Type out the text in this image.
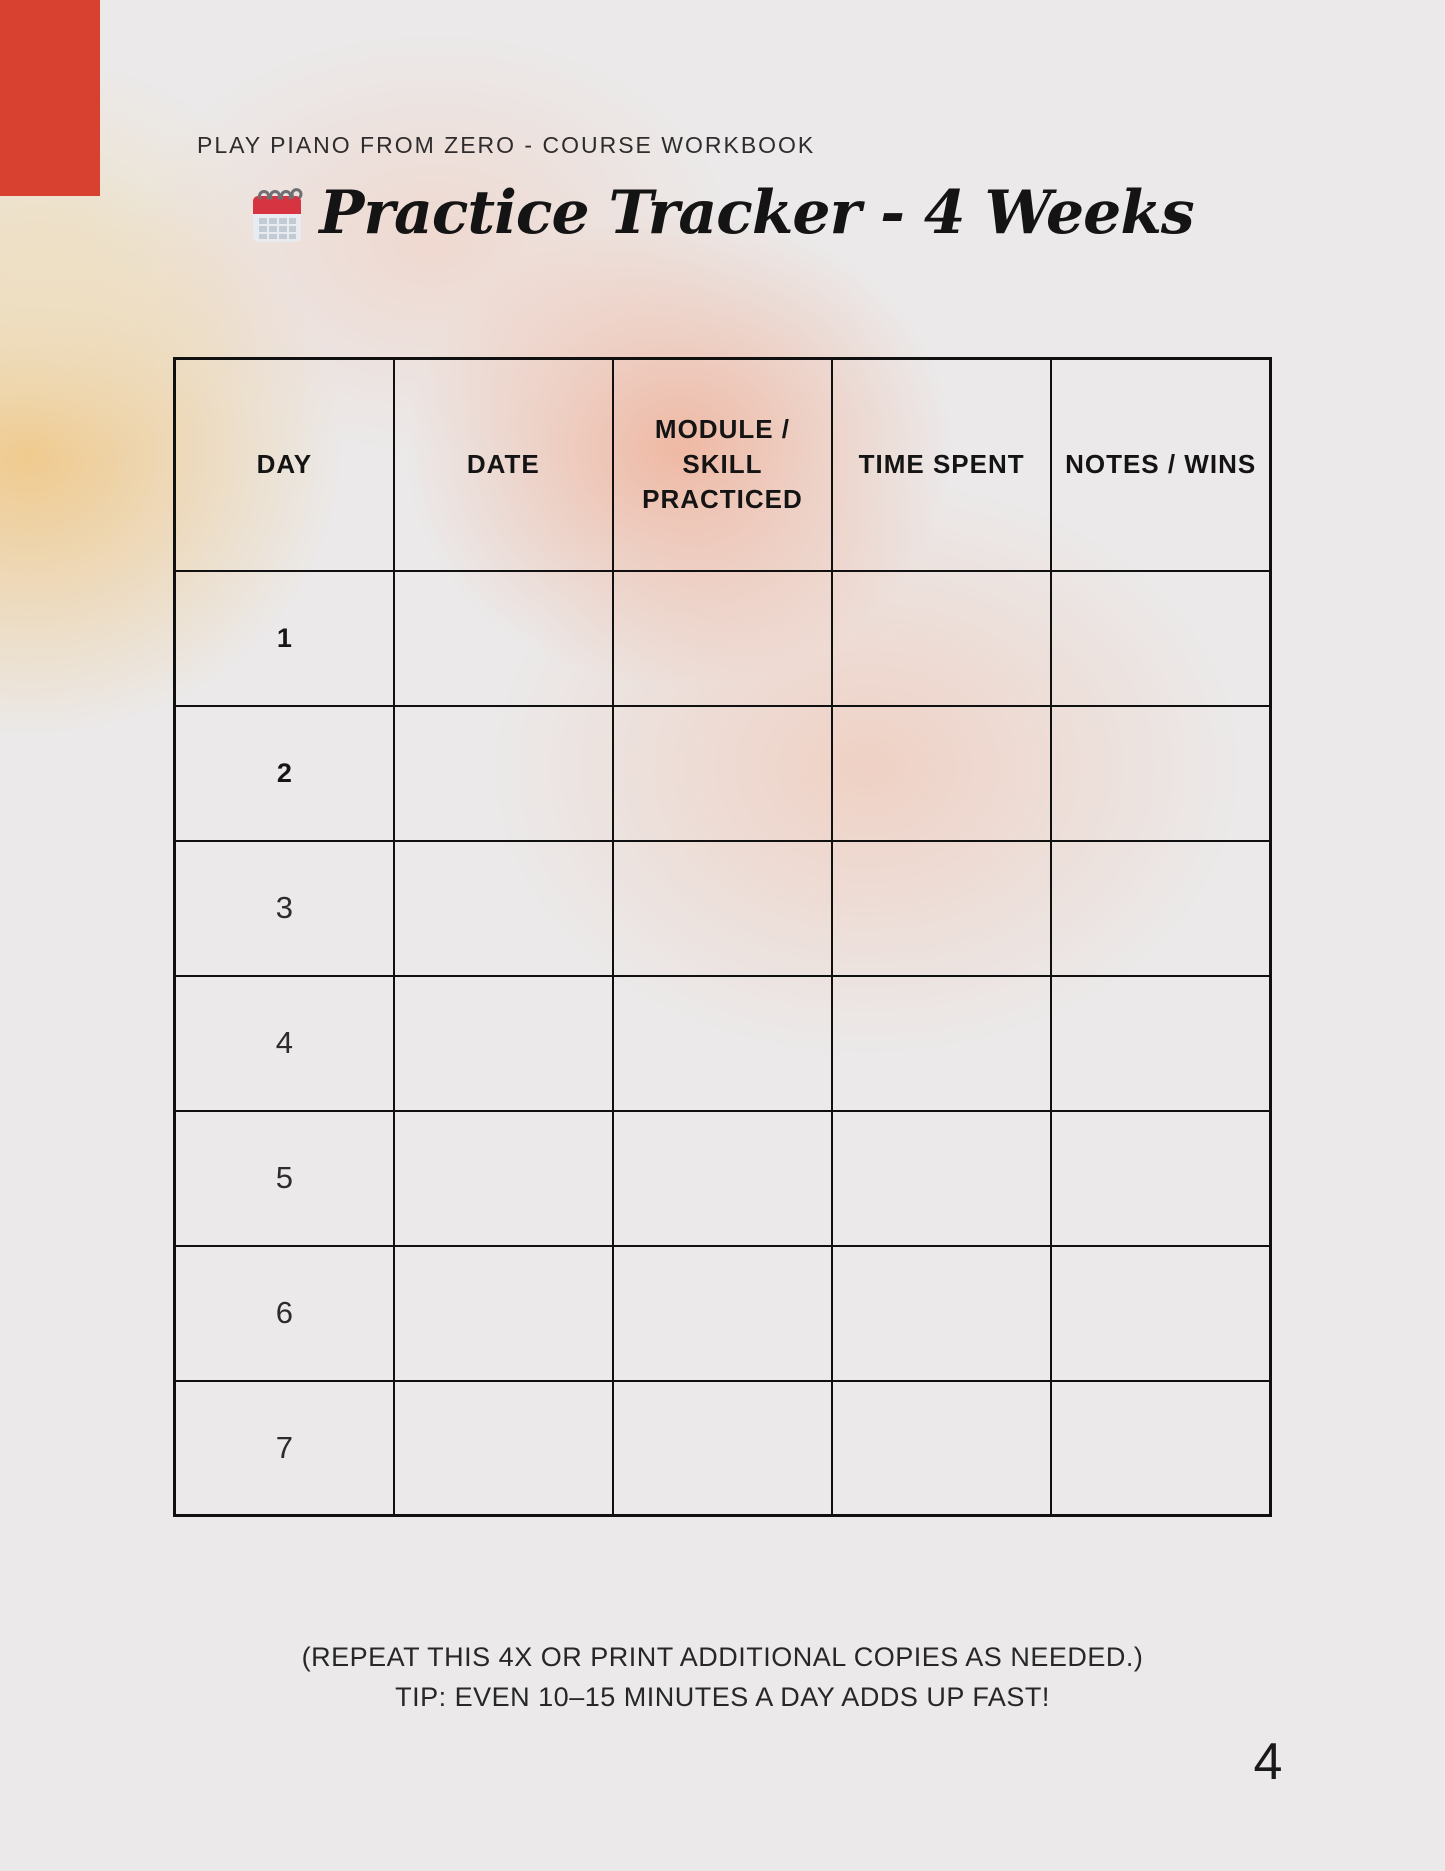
PLAY PIANO FROM ZERO - COURSE WORKBOOK
Practice Tracker - 4 Weeks
DAY	DATE	MODULE / SKILL PRACTICED	TIME SPENT	NOTES / WINS
1				
2				
3				
4				
5				
6				
7				
(REPEAT THIS 4X OR PRINT ADDITIONAL COPIES AS NEEDED.)
TIP: EVEN 10–15 MINUTES A DAY ADDS UP FAST!
4
